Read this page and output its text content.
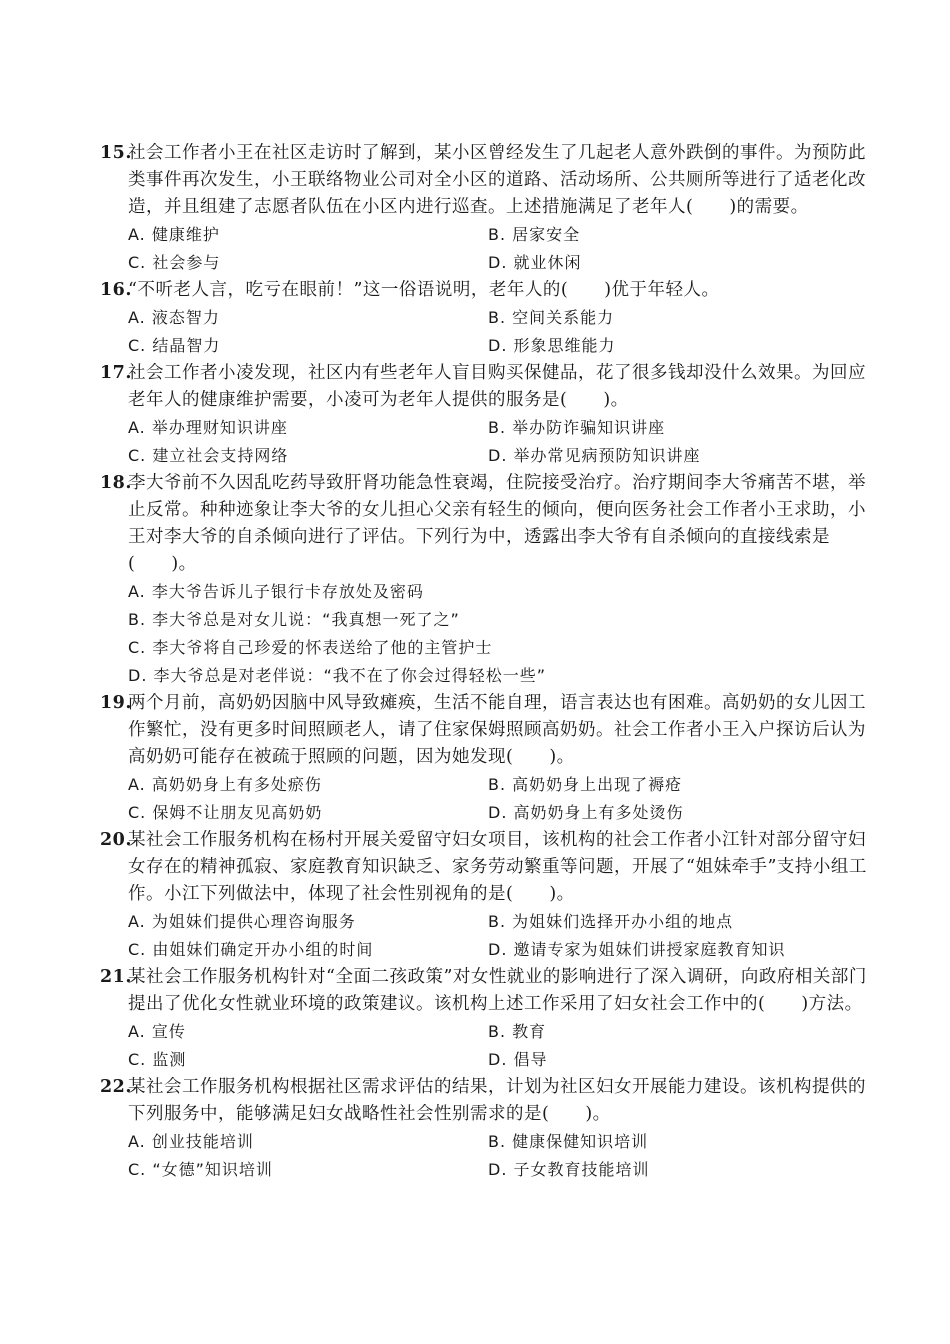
15.
社会工作者小王在社区走访时了解到，某小区曾经发生了几起老人意外跌倒的事件。为预防此类事件再次发生，小王联络物业公司对全小区的道路、活动场所、公共厕所等进行了适老化改造，并且组建了志愿者队伍在小区内进行巡查。上述措施满足了老年人(　　)的需要。
A. 健康维护	B. 居家安全
C. 社会参与	D. 就业休闲
16.
“不听老人言，吃亏在眼前！”这一俗语说明，老年人的(　　)优于年轻人。
A. 液态智力	B. 空间关系能力
C. 结晶智力	D. 形象思维能力
17.
社会工作者小凌发现，社区内有些老年人盲目购买保健品，花了很多钱却没什么效果。为回应老年人的健康维护需要，小凌可为老年人提供的服务是(　　)。
A. 举办理财知识讲座	B. 举办防诈骗知识讲座
C. 建立社会支持网络	D. 举办常见病预防知识讲座
18.
李大爷前不久因乱吃药导致肝肾功能急性衰竭，住院接受治疗。治疗期间李大爷痛苦不堪，举止反常。种种迹象让李大爷的女儿担心父亲有轻生的倾向，便向医务社会工作者小王求助，小王对李大爷的自杀倾向进行了评估。下列行为中，透露出李大爷有自杀倾向的直接线索是(　　)。
A. 李大爷告诉儿子银行卡存放处及密码
B. 李大爷总是对女儿说：“我真想一死了之”
C. 李大爷将自己珍爱的怀表送给了他的主管护士
D. 李大爷总是对老伴说：“我不在了你会过得轻松一些”
19.
两个月前，高奶奶因脑中风导致瘫痪，生活不能自理，语言表达也有困难。高奶奶的女儿因工作繁忙，没有更多时间照顾老人，请了住家保姆照顾高奶奶。社会工作者小王入户探访后认为高奶奶可能存在被疏于照顾的问题，因为她发现(　　)。
A. 高奶奶身上有多处瘀伤	B. 高奶奶身上出现了褥疮
C. 保姆不让朋友见高奶奶	D. 高奶奶身上有多处烫伤
20.
某社会工作服务机构在杨村开展关爱留守妇女项目，该机构的社会工作者小江针对部分留守妇女存在的精神孤寂、家庭教育知识缺乏、家务劳动繁重等问题，开展了“姐妹牵手”支持小组工作。小江下列做法中，体现了社会性别视角的是(　　)。
A. 为姐妹们提供心理咨询服务	B. 为姐妹们选择开办小组的地点
C. 由姐妹们确定开办小组的时间	D. 邀请专家为姐妹们讲授家庭教育知识
21.
某社会工作服务机构针对“全面二孩政策”对女性就业的影响进行了深入调研，向政府相关部门提出了优化女性就业环境的政策建议。该机构上述工作采用了妇女社会工作中的(　　)方法。
A. 宣传	B. 教育
C. 监测	D. 倡导
22.
某社会工作服务机构根据社区需求评估的结果，计划为社区妇女开展能力建设。该机构提供的下列服务中，能够满足妇女战略性社会性别需求的是(　　)。
A. 创业技能培训	B. 健康保健知识培训
C. “女德”知识培训	D. 子女教育技能培训
